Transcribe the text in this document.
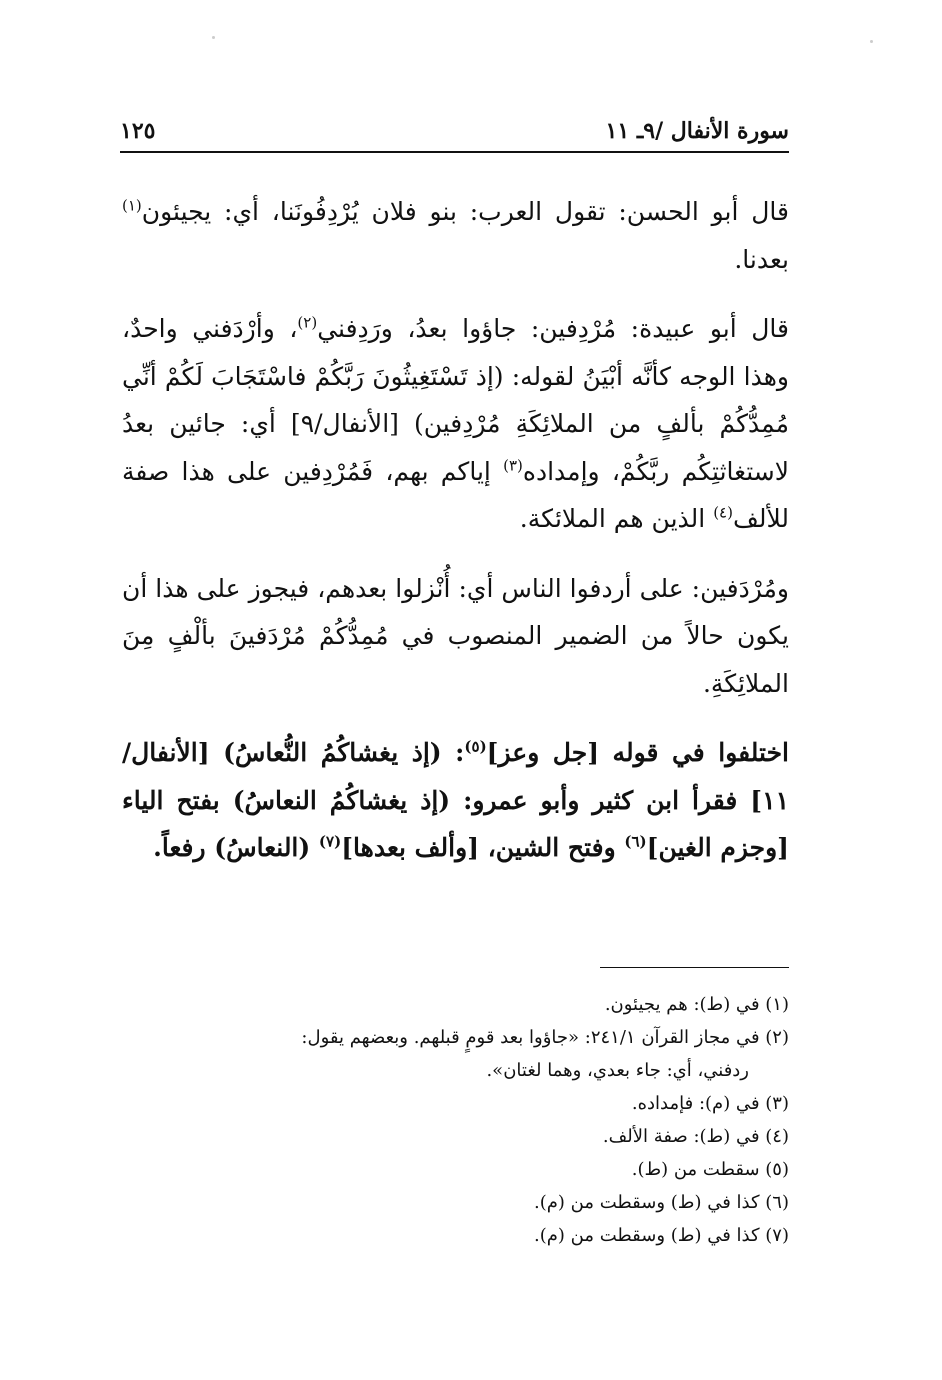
سورة الأنفال /٩ـ ١١
١٢٥

قال أبو الحسن: تقول العرب: بنو فلان يُرْدِفُونَنا، أي: يجيئون$^{(١)}$ بعدنا.

قال أبو عبيدة: مُرْدِفين: جاؤوا بعدُ، ورَدِفني$^{(٢)}$، وأرْدَفني واحدٌ، وهذا الوجه كأنَّه أبْيَنُ لقوله: (إذ تَسْتَغِيثُونَ رَبَّكُمْ فاسْتَجَابَ لَكُمْ أنِّي مُمِدُّكُمْ بألفٍ من الملائِكَةِ مُرْدِفين) [الأنفال/٩] أي: جائين بعدُ لاستغاثتِكُم ربَّكُمْ، وإمداده$^{(٣)}$ إياكم بهم، فَمُرْدِفين على هذا صفة للألف$^{(٤)}$ الذين هم الملائكة.

ومُرْدَفين: على أردفوا الناس أي: أُنْزلوا بعدهم، فيجوز على هذا أن يكون حالاً من الضمير المنصوب في مُمِدُّكُمْ مُرْدَفينَ بألْفٍ مِنَ الملائِكَةِ.

اختلفوا في قوله [جل وعز]$^{(٥)}$: (إذ يغشاكُمُ النُّعاسُ) [الأنفال/ ١١] فقرأ ابن كثير وأبو عمرو: (إذ يغشاكُمُ النعاسُ) بفتح الياء [وجزم الغين]$^{(٦)}$ وفتح الشين، [وألف بعدها]$^{(٧)}$ (النعاسُ) رفعاً.

(١) في (ط): هم يجيئون.

(٢) في مجاز القرآن ٢٤١/١: «جاؤوا بعد قومٍ قبلهم. وبعضهم يقول:

ردفني، أي: جاء بعدي، وهما لغتان».

(٣) في (م): فإمداده.

(٤) في (ط): صفة الألف.

(٥) سقطت من (ط).

(٦) كذا في (ط) وسقطت من (م).

(٧) كذا في (ط) وسقطت من (م).
